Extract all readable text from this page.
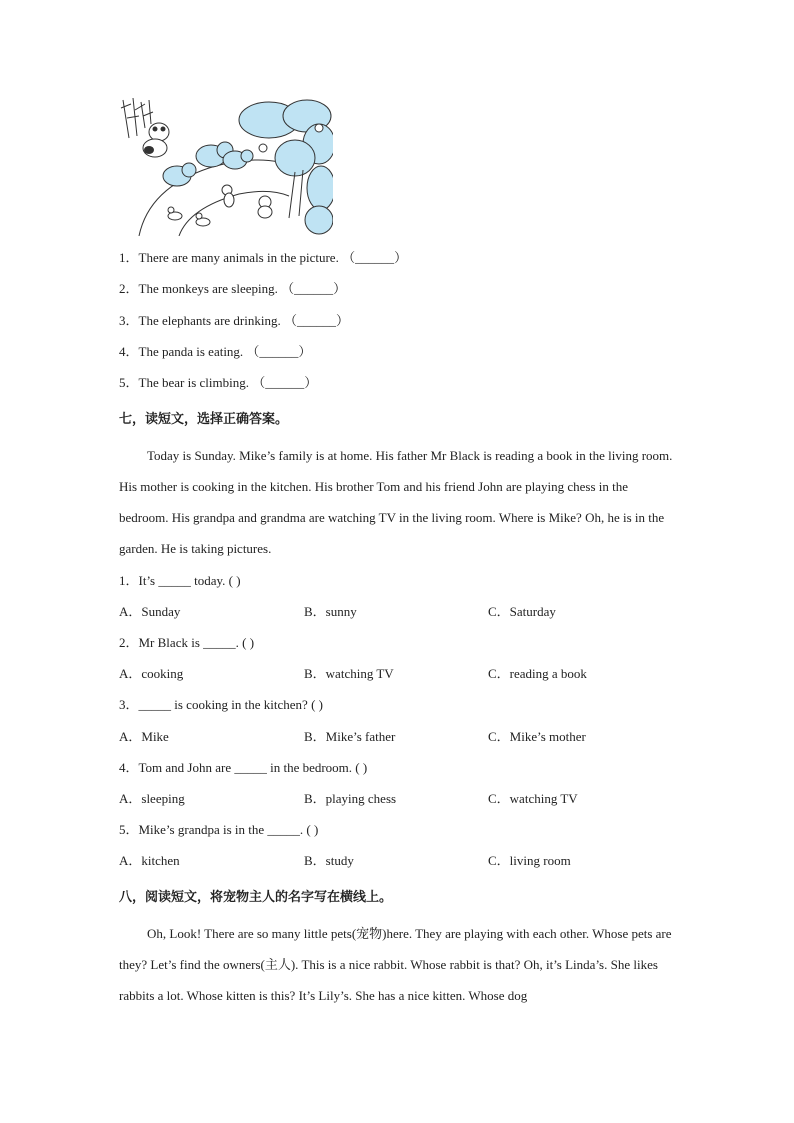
1．There are many animals in the picture. （______）
2．The monkeys are sleeping. （______）
3．The elephants are drinking. （______）
4．The panda is eating. （______）
5．The bear is climbing. （______）
七，读短文，选择正确答案。
Today is Sunday. Mike’s family is at home. His father Mr Black is reading a book in the living room. His mother is cooking in the kitchen. His brother Tom and his friend John are playing chess in the bedroom. His grandpa and grandma are watching TV in the living room. Where is Mike? Oh, he is in the garden. He is taking pictures.
1．It’s _____ today. ( )
A．Sunday	B．sunny	C．Saturday
2．Mr Black is _____. ( )
A．cooking	B．watching TV	C．reading a book
3．_____ is cooking in the kitchen? ( )
A．Mike	B．Mike’s father	C．Mike’s mother
4．Tom and John are _____ in the bedroom. ( )
A．sleeping	B．playing chess	C．watching TV
5．Mike’s grandpa is in the _____. ( )
A．kitchen	B．study	C．living room
八，阅读短文，将宠物主人的名字写在横线上。
Oh, Look! There are so many little pets(宠物)here. They are playing with each other. Whose pets are they? Let’s find the owners(主人). This is a nice rabbit. Whose rabbit is that? Oh, it’s Linda’s. She likes rabbits a lot. Whose kitten is this? It’s Lily’s. She has a nice kitten. Whose dog
